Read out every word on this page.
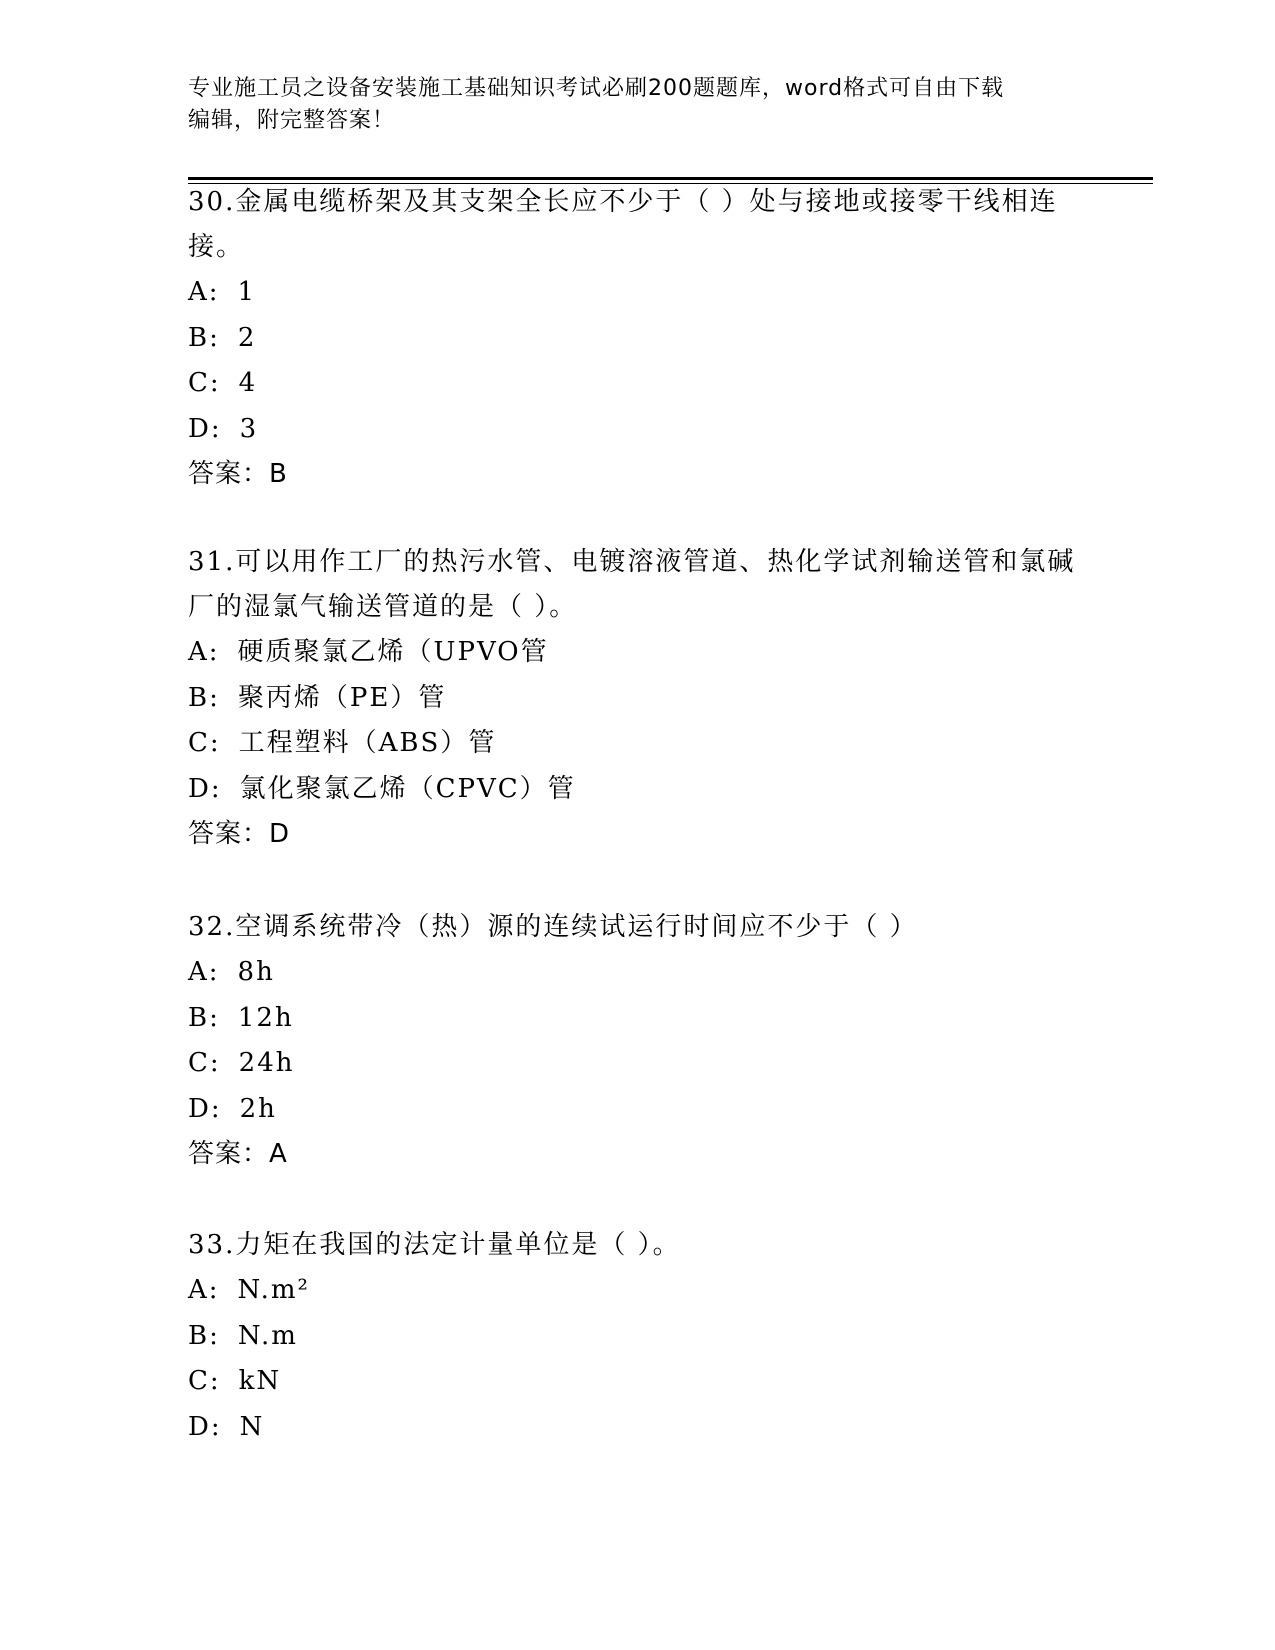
专业施工员之设备安装施工基础知识考试必刷200题题库，word格式可自由下载
编辑，附完整答案！

30.金属电缆桥架及其支架全长应不少于（ ）处与接地或接零干线相连接。

A: 1
B: 2
C: 4
D: 3
答案：B

31.可以用作工厂的热污水管、电镀溶液管道、热化学试剂输送管和氯碱厂的湿氯气输送管道的是（ ）。

A: 硬质聚氯乙烯（UPVO管
B: 聚丙烯（PE）管
C: 工程塑料（ABS）管
D: 氯化聚氯乙烯（CPVC）管
答案：D

32.空调系统带冷（热）源的连续试运行时间应不少于（ ）

A: 8h
B: 12h
C: 24h
D: 2h
答案：A

33.力矩在我国的法定计量单位是（ ）。

A: N.m²
B: N.m
C: kN
D: N
